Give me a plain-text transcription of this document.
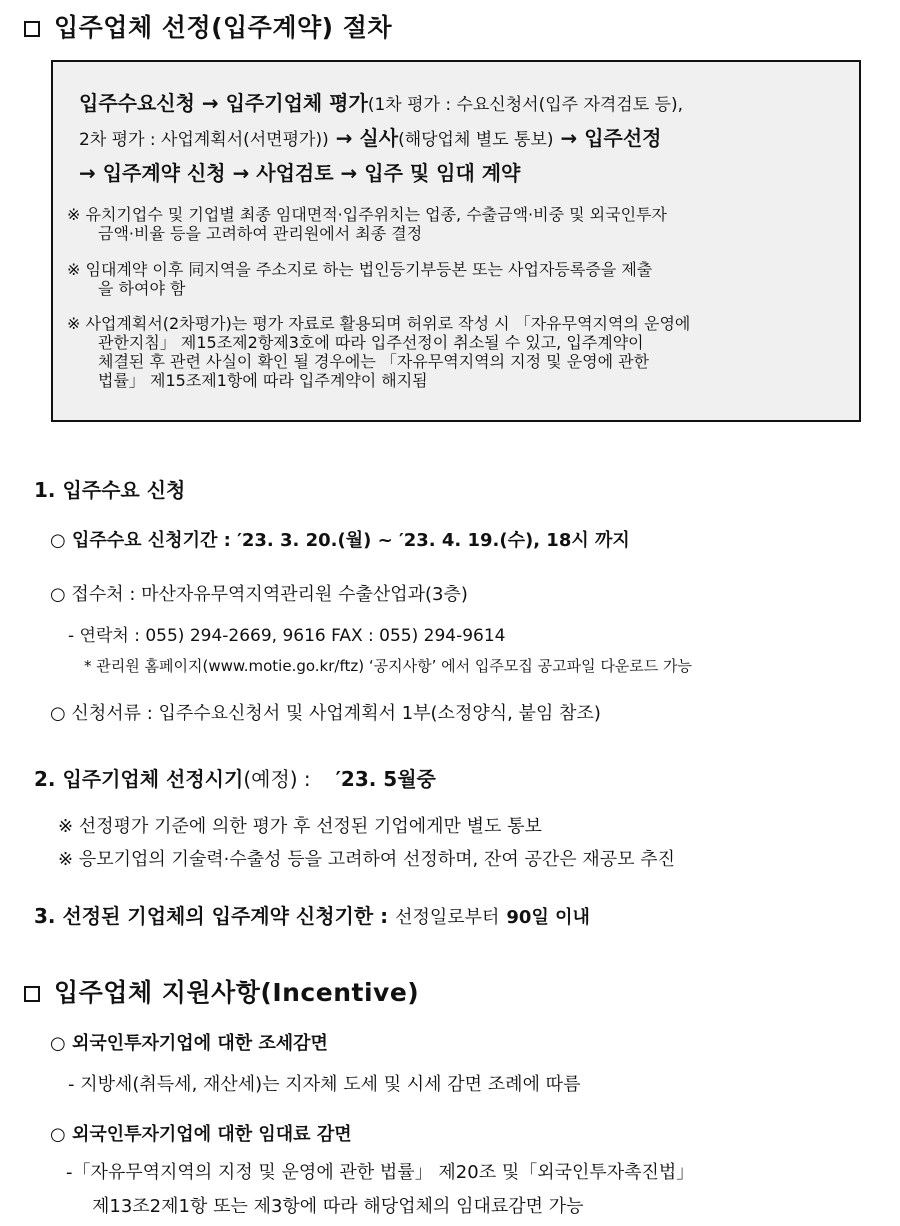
입주업체 선정(입주계약) 절차
입주수요신청 → 입주기업체 평가(1차 평가 : 수요신청서(입주 자격검토 등),
2차 평가 : 사업계획서(서면평가)) → 실사(해당업체 별도 통보) → 입주선정
→ 입주계약 신청 → 사업검토 → 입주 및 임대 계약
※ 유치기업수 및 기업별 최종 임대면적·입주위치는 업종, 수출금액·비중 및 외국인투자
금액·비율 등을 고려하여 관리원에서 최종 결정
※ 임대계약 이후 同지역을 주소지로 하는 법인등기부등본 또는 사업자등록증을 제출
을 하여야 함
※ 사업계획서(2차평가)는 평가 자료로 활용되며 허위로 작성 시 「자유무역지역의 운영에
관한지침」 제15조제2항제3호에 따라 입주선정이 취소될 수 있고, 입주계약이
체결된 후 관련 사실이 확인 될 경우에는 「자유무역지역의 지정 및 운영에 관한
법률」 제15조제1항에 따라 입주계약이 해지됨
1. 입주수요 신청
○ 입주수요 신청기간 : ′23. 3. 20.(월) ~ ′23. 4. 19.(수), 18시 까지
○ 접수처 : 마산자유무역지역관리원 수출산업과(3층)
- 연락처 : 055) 294-2669, 9616 FAX : 055) 294-9614
* 관리원 홈페이지(www.motie.go.kr/ftz) ‘공지사항’ 에서 입주모집 공고파일 다운로드 가능
○ 신청서류 : 입주수요신청서 및 사업계획서 1부(소정양식, 붙임 참조)
2. 입주기업체 선정시기(예정) : ′23. 5월중
※ 선정평가 기준에 의한 평가 후 선정된 기업에게만 별도 통보
※ 응모기업의 기술력·수출성 등을 고려하여 선정하며, 잔여 공간은 재공모 추진
3. 선정된 기업체의 입주계약 신청기한 : 선정일로부터 90일 이내
입주업체 지원사항(Incentive)
○ 외국인투자기업에 대한 조세감면
- 지방세(취득세, 재산세)는 지자체 도세 및 시세 감면 조례에 따름
○ 외국인투자기업에 대한 임대료 감면
-「자유무역지역의 지정 및 운영에 관한 법률」 제20조 및「외국인투자촉진법」
제13조2제1항 또는 제3항에 따라 해당업체의 임대료감면 가능
